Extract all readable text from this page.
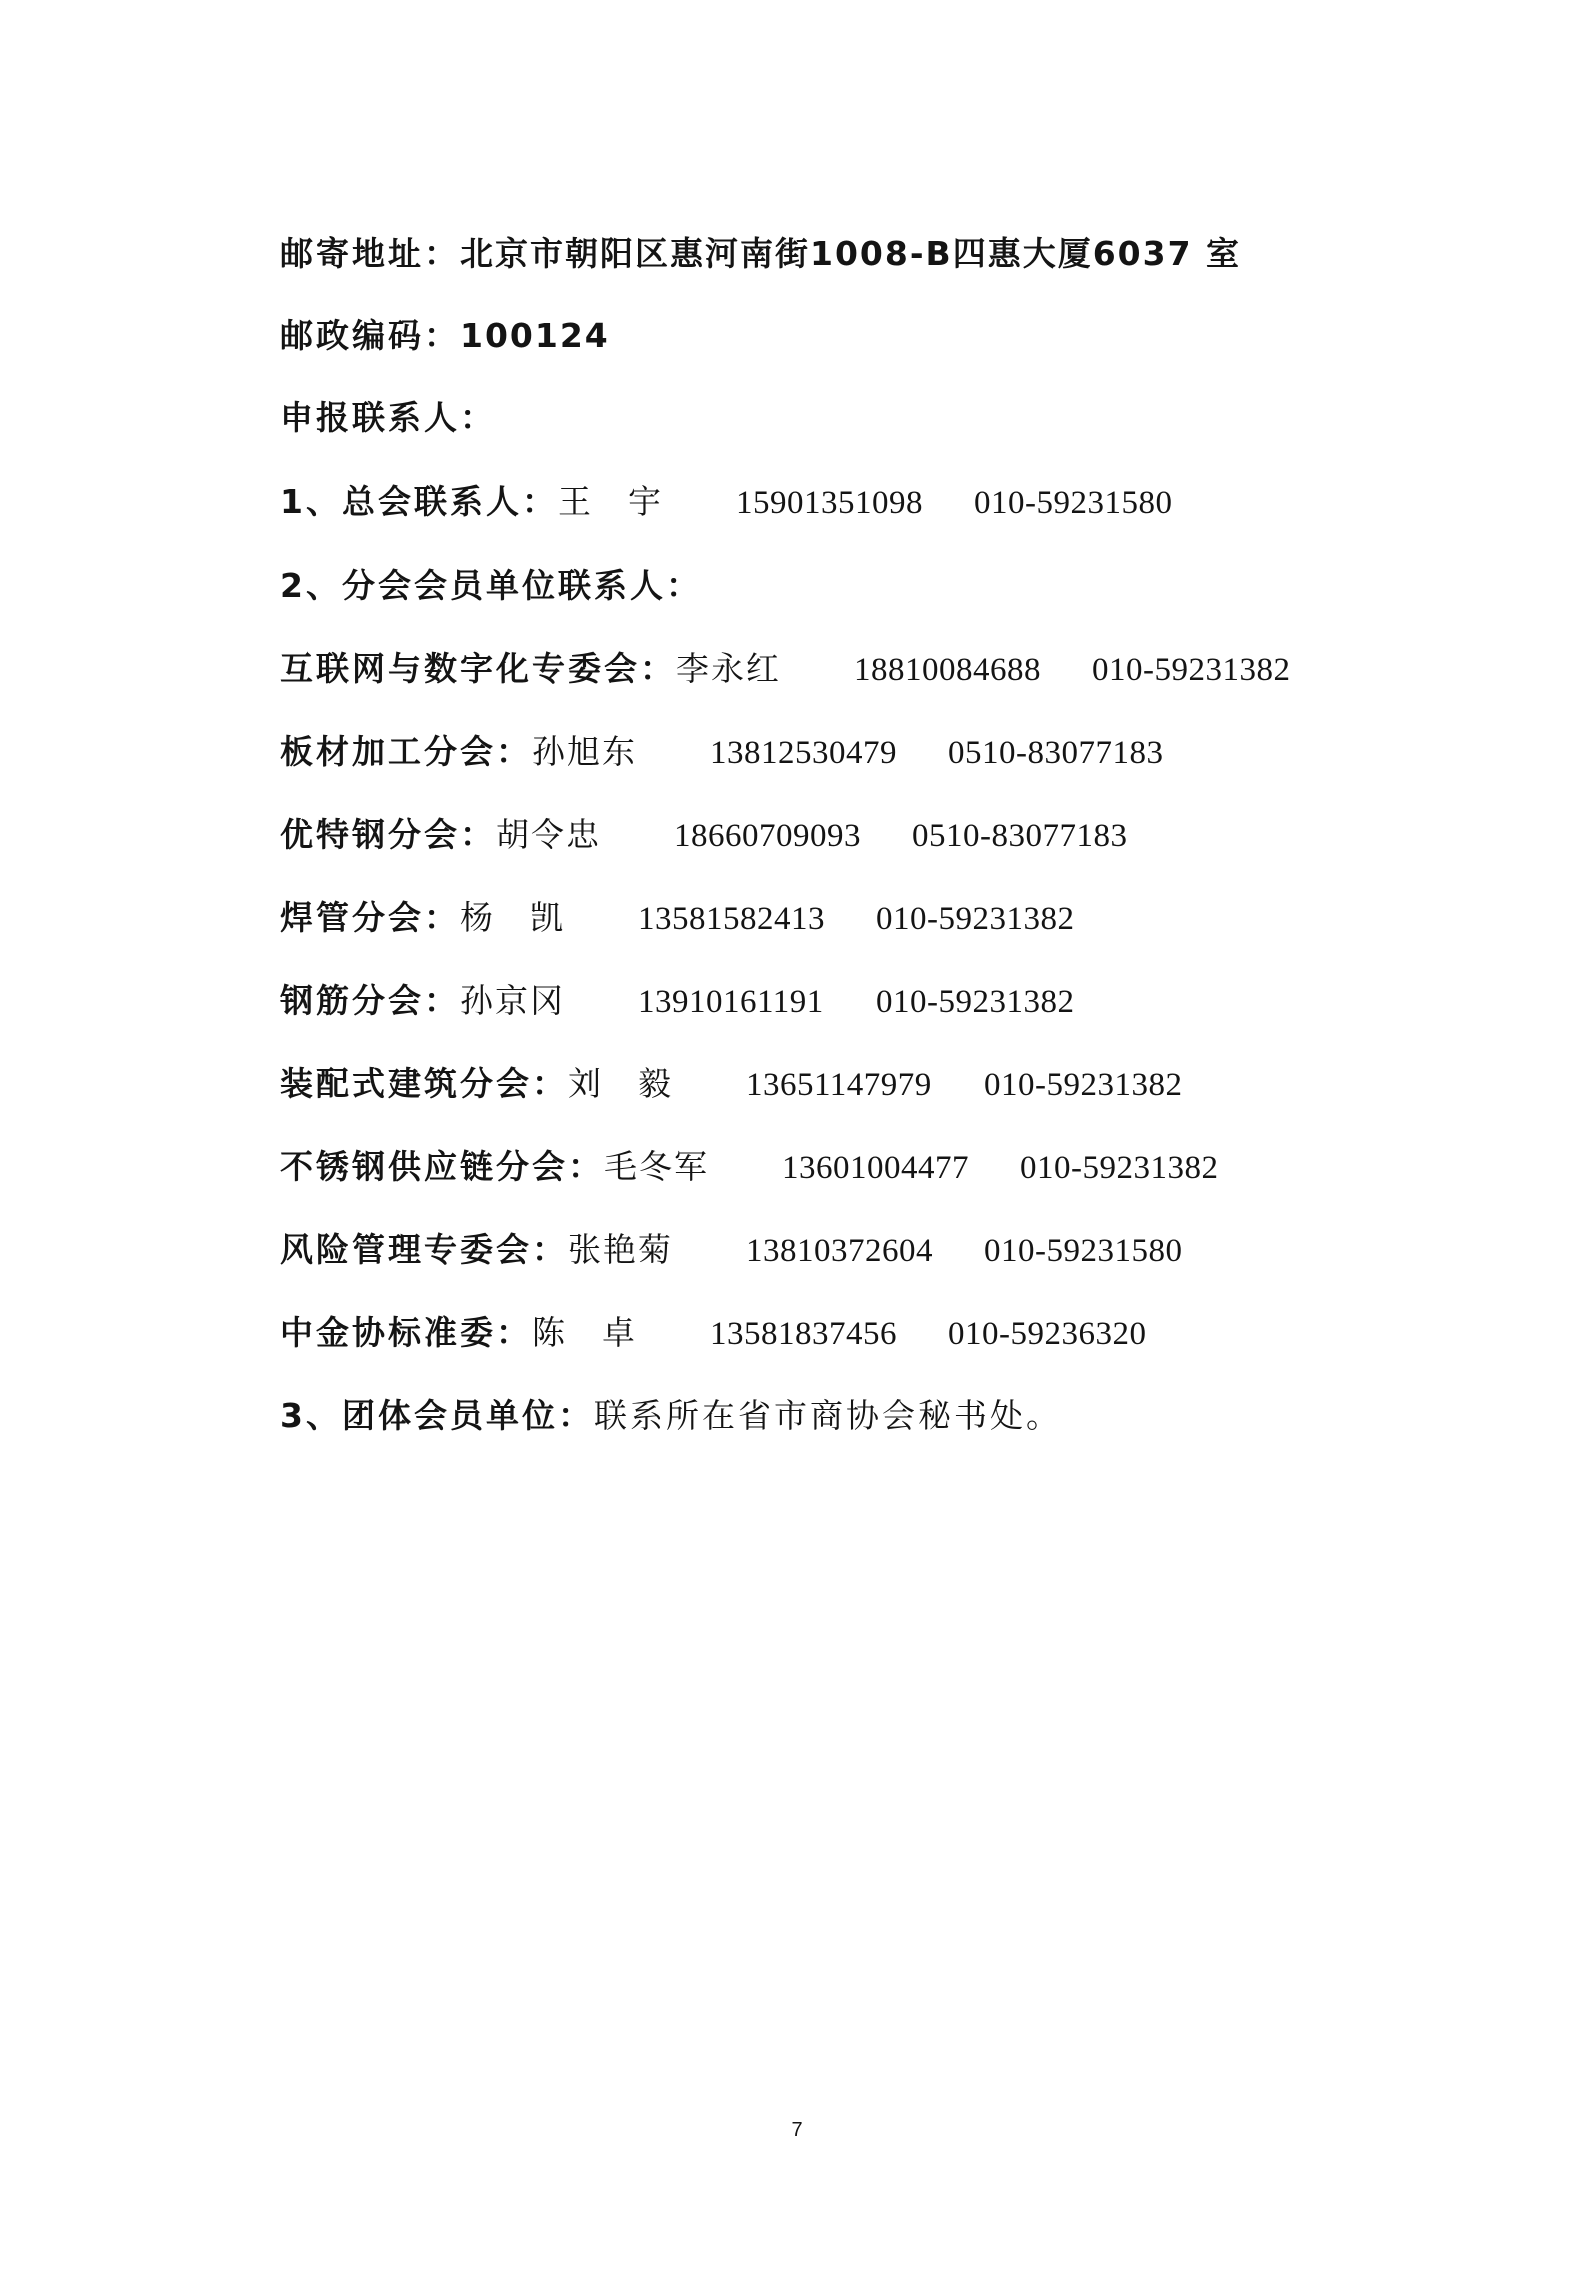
邮寄地址：北京市朝阳区惠河南街1008-B四惠大厦6037 室
邮政编码：100124
申报联系人：
1、总会联系人：王　宇 15901351098 010-59231580
2、分会会员单位联系人：
互联网与数字化专委会：李永红 18810084688 010-59231382
板材加工分会：孙旭东 13812530479 0510-83077183
优特钢分会：胡令忠 18660709093 0510-83077183
焊管分会：杨　凯 13581582413 010-59231382
钢筋分会：孙京冈 13910161191 010-59231382
装配式建筑分会：刘　毅 13651147979 010-59231382
不锈钢供应链分会：毛冬军 13601004477 010-59231382
风险管理专委会：张艳菊 13810372604 010-59231580
中金协标准委：陈　卓 13581837456 010-59236320
3、团体会员单位：联系所在省市商协会秘书处。
7
